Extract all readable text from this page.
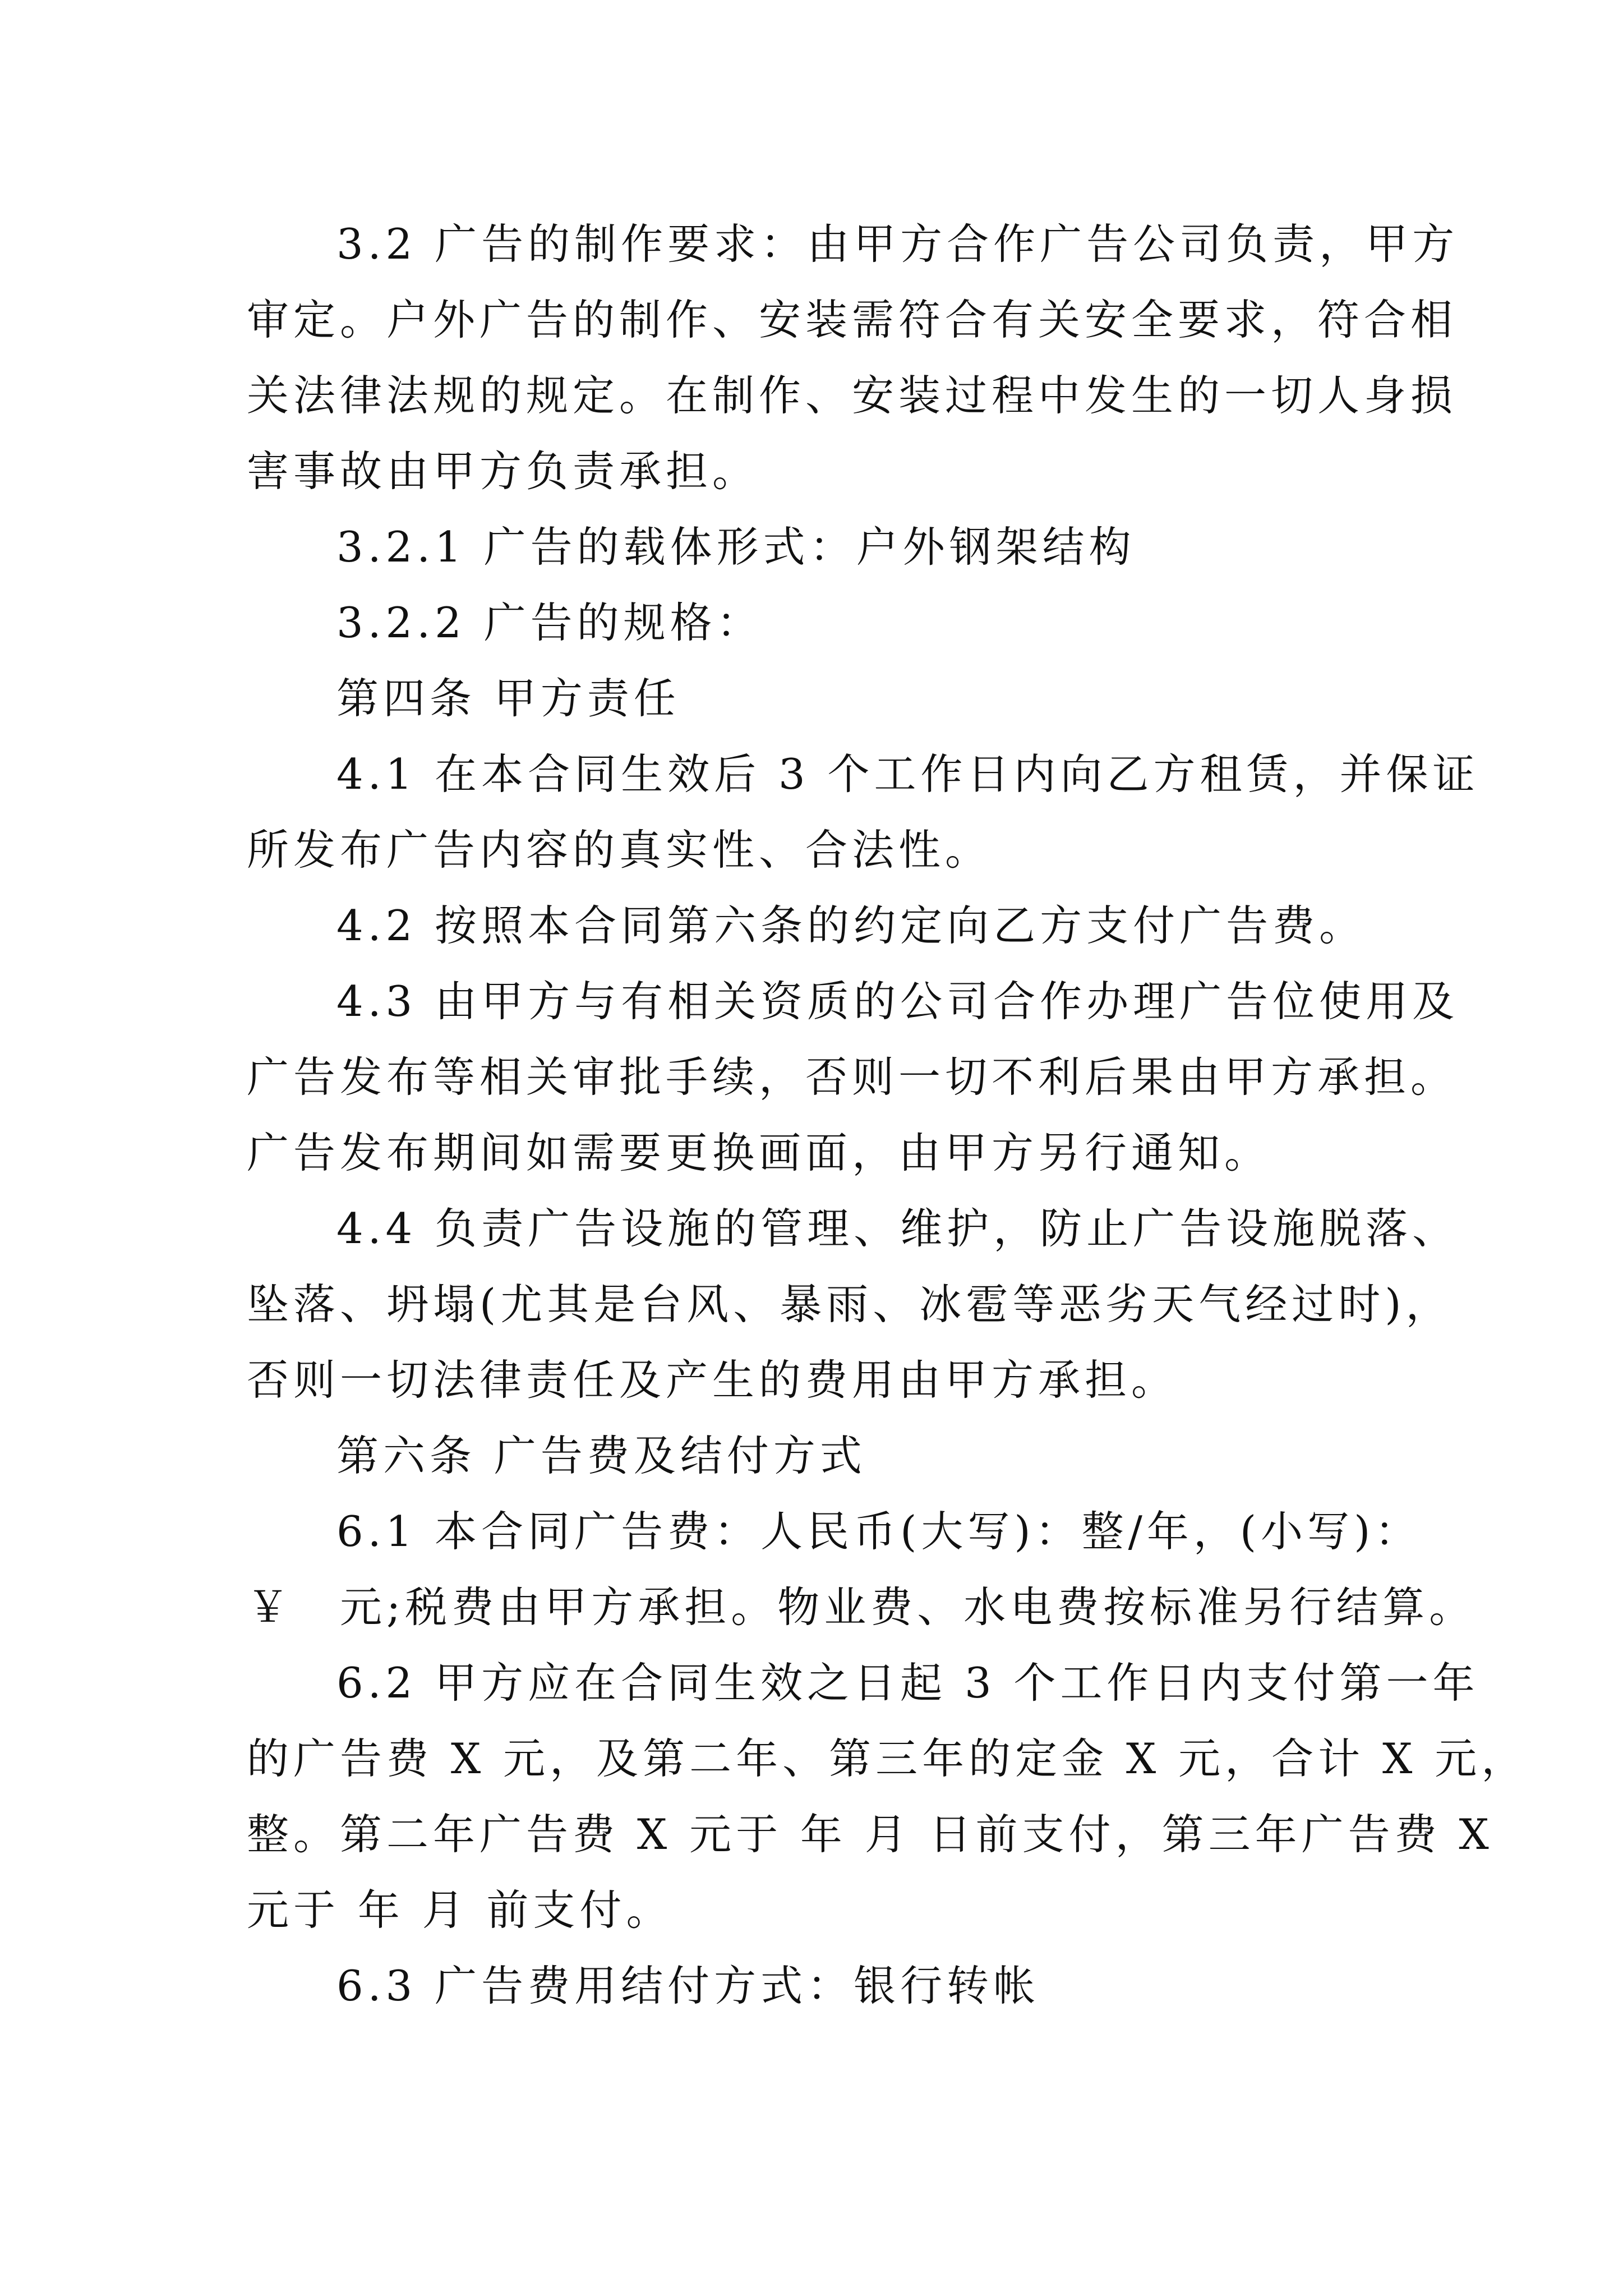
3.2 广告的制作要求：由甲方合作广告公司负责，甲方
审定。户外广告的制作、安装需符合有关安全要求，符合相
关法律法规的规定。在制作、安装过程中发生的一切人身损
害事故由甲方负责承担。
3.2.1 广告的载体形式：户外钢架结构
3.2.2 广告的规格：
第四条 甲方责任
4.1 在本合同生效后 3 个工作日内向乙方租赁，并保证
所发布广告内容的真实性、合法性。
4.2 按照本合同第六条的约定向乙方支付广告费。
4.3 由甲方与有相关资质的公司合作办理广告位使用及
广告发布等相关审批手续，否则一切不利后果由甲方承担。
广告发布期间如需要更换画面，由甲方另行通知。
4.4 负责广告设施的管理、维护，防止广告设施脱落、
坠落、坍塌(尤其是台风、暴雨、冰雹等恶劣天气经过时)，
否则一切法律责任及产生的费用由甲方承担。
第六条 广告费及结付方式
6.1 本合同广告费：人民币(大写)：整/年，(小写)：
￥　元;税费由甲方承担。物业费、水电费按标准另行结算。
6.2 甲方应在合同生效之日起 3 个工作日内支付第一年
的广告费 X 元，及第二年、第三年的定金 X 元，合计 X 元，
整。第二年广告费 X 元于 年 月 日前支付，第三年广告费 X
元于 年 月 前支付。
6.3 广告费用结付方式：银行转帐
